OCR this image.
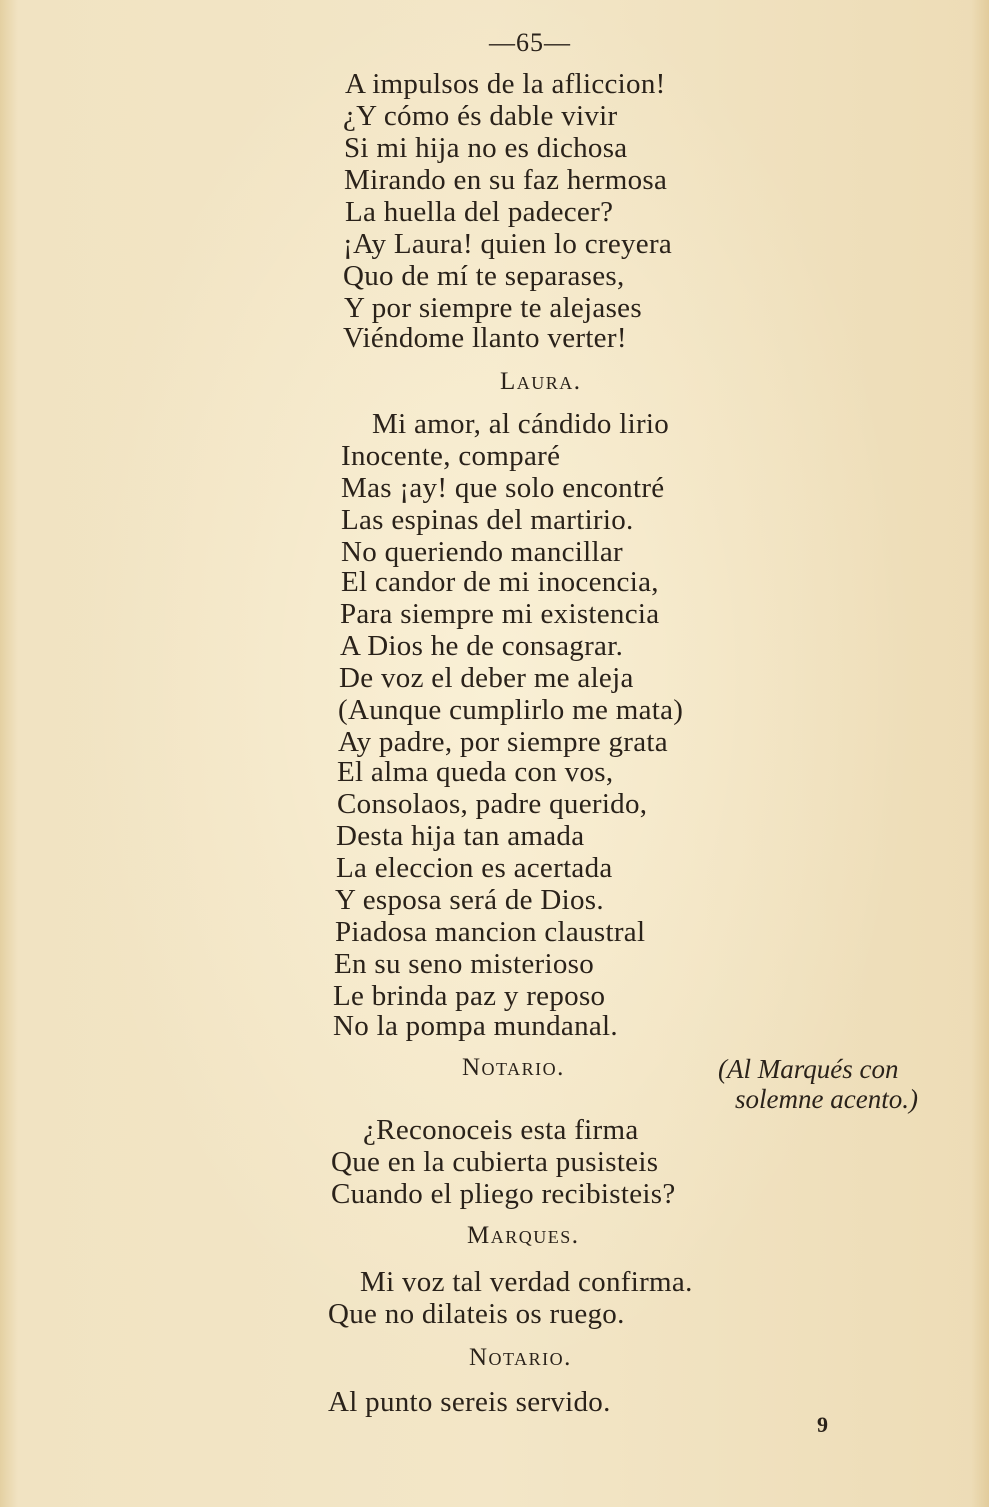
—65—
A impulsos de la afliccion!
¿Y cómo és dable vivir
Si mi hija no es dichosa
Mirando en su faz hermosa
La huella del padecer?
¡Ay Laura! quien lo creyera
Quo de mí te separases,
Y por siempre te alejases
Viéndome llanto verter!
Laura.
Mi amor, al cándido lirio
Inocente, comparé
Mas ¡ay! que solo encontré
Las espinas del martirio.
No queriendo mancillar
El candor de mi inocencia,
Para siempre mi existencia
A Dios he de consagrar.
De voz el deber me aleja
(Aunque cumplirlo me mata)
Ay padre, por siempre grata
El alma queda con vos,
Consolaos, padre querido,
Desta hija tan amada
La eleccion es acertada
Y esposa será de Dios.
Piadosa mancion claustral
En su seno misterioso
Le brinda paz y reposo
No la pompa mundanal.
Notario.	(Al Marqués con
solemne acento.)
¿Reconoceis esta firma
Que en la cubierta pusisteis
Cuando el pliego recibisteis?
Marques.
Mi voz tal verdad confirma.
Que no dilateis os ruego.
Notario.
Al punto sereis servido.
9
